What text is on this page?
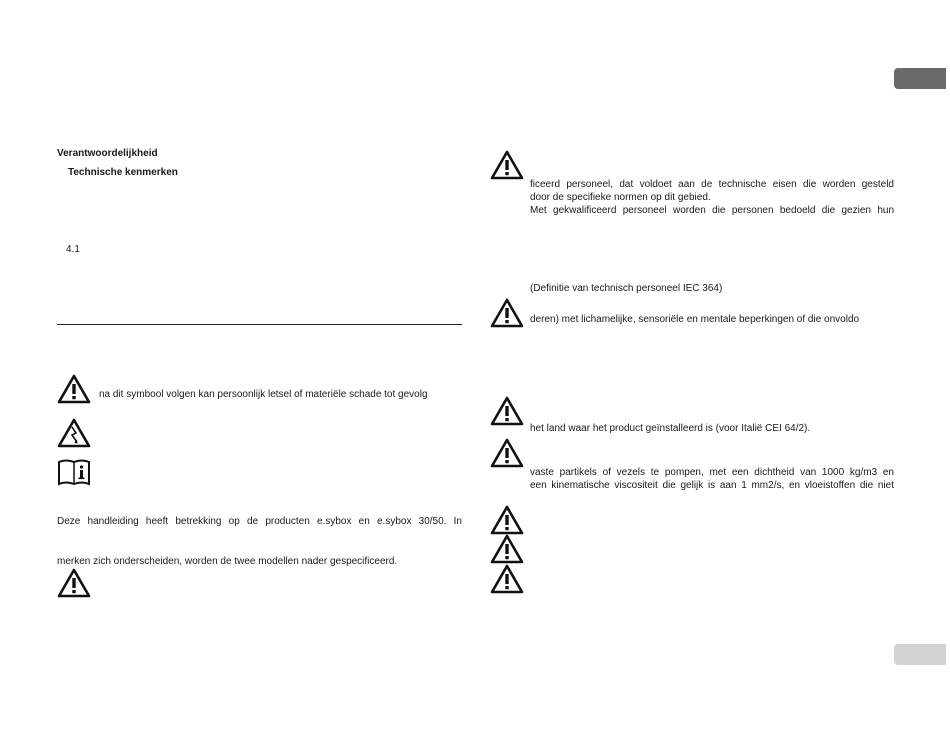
Verantwoordelijkheid
Technische kenmerken
4.1
na dit symbool volgen kan persoonlijk letsel of materiële schade tot gevolg
Deze handleiding heeft betrekking op de producten e.sybox en e.sybox 30/50. In
merken zich onderscheiden, worden de twee modellen nader gespecificeerd.
ficeerd personeel, dat voldoet aan de technische eisen die worden gesteld
door de specifieke normen op dit gebied.
Met gekwalificeerd personeel worden die personen bedoeld die gezien hun
(Definitie van technisch personeel IEC 364)
deren) met lichamelijke, sensoriële en mentale beperkingen of die onvoldo
het land waar het product geïnstalleerd is (voor Italië CEI 64/2).
vaste partikels of vezels te pompen, met een dichtheid van 1000 kg/m3 en
een kinematische viscositeit die gelijk is aan 1 mm2/s, en vloeistoffen die niet
